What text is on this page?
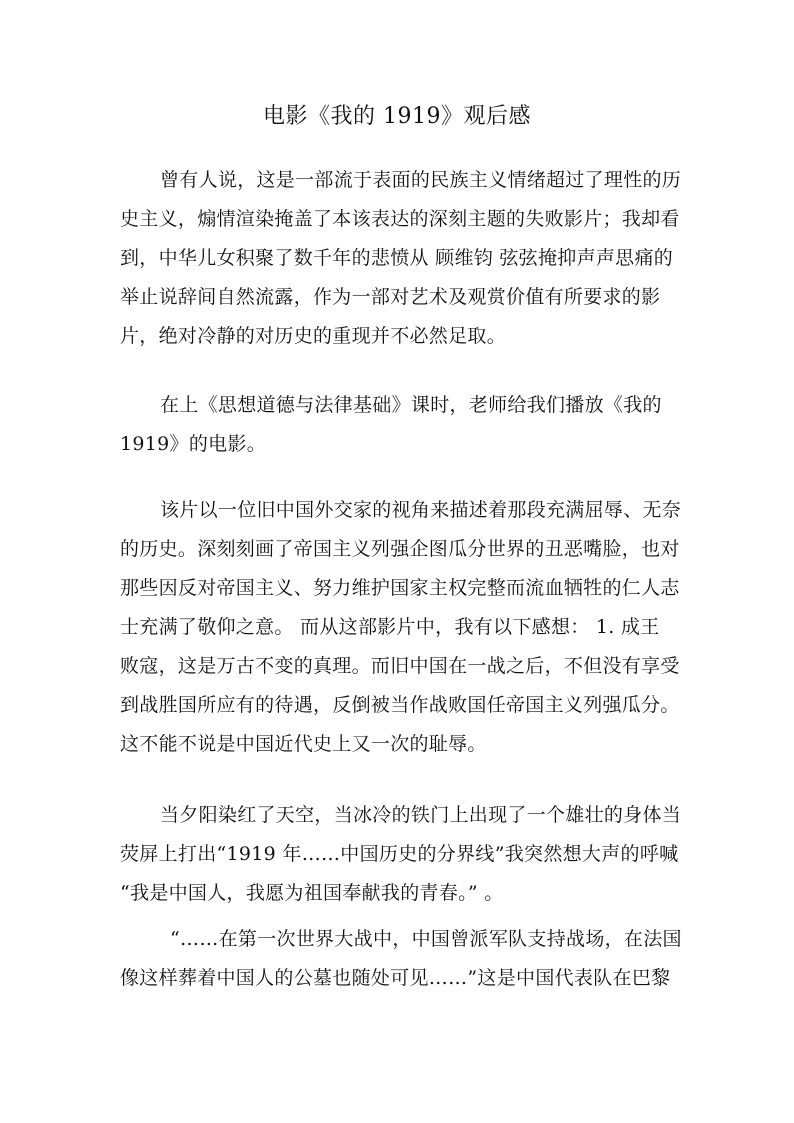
电影《我的 1919》观后感
曾有人说，这是一部流于表面的民族主义情绪超过了理性的历
史主义，煽情渲染掩盖了本该表达的深刻主题的失败影片；我却看
到，中华儿女积聚了数千年的悲愤从 顾维钧 弦弦掩抑声声思痛的
举止说辞间自然流露，作为一部对艺术及观赏价值有所要求的影
片，绝对冷静的对历史的重现并不必然足取。
在上《思想道德与法律基础》课时，老师给我们播放《我的
1919》的电影。
该片以一位旧中国外交家的视角来描述着那段充满屈辱、无奈
的历史。深刻刻画了帝国主义列强企图瓜分世界的丑恶嘴脸，也对
那些因反对帝国主义、努力维护国家主权完整而流血牺牲的仁人志
士充满了敬仰之意。 而从这部影片中，我有以下感想： 1. 成王
败寇，这是万古不变的真理。而旧中国在一战之后，不但没有享受
到战胜国所应有的待遇，反倒被当作战败国任帝国主义列强瓜分。
这不能不说是中国近代史上又一次的耻辱。
当夕阳染红了天空，当冰冷的铁门上出现了一个雄壮的身体当
荧屏上打出“1919 年……中国历史的分界线”我突然想大声的呼喊
“我是中国人，我愿为祖国奉献我的青春。” 。
“……在第一次世界大战中，中国曾派军队支持战场，在法国
像这样葬着中国人的公墓也随处可见……”这是中国代表队在巴黎
